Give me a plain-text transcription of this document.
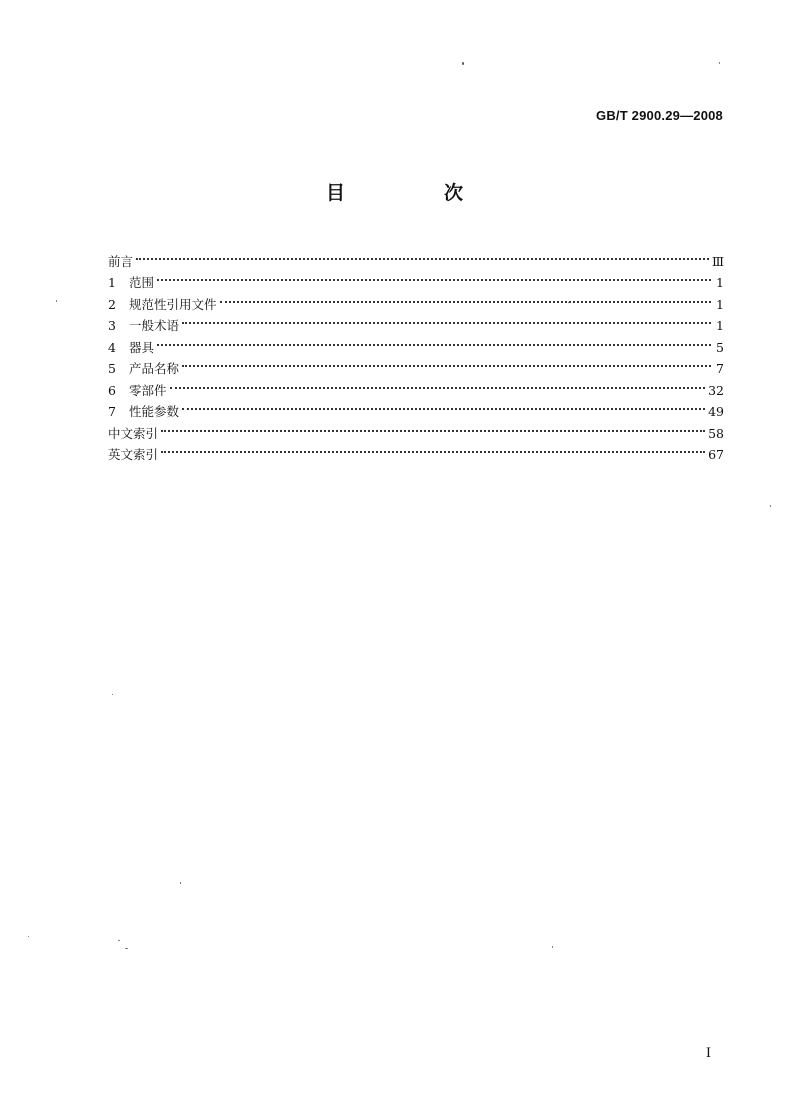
GB/T 2900.29—2008
目　次
前言	Ⅲ
1	范围	1
2	规范性引用文件	1
3	一般术语	1
4	器具	5
5	产品名称	7
6	零部件	32
7	性能参数	49
中文索引	58
英文索引	67
I
